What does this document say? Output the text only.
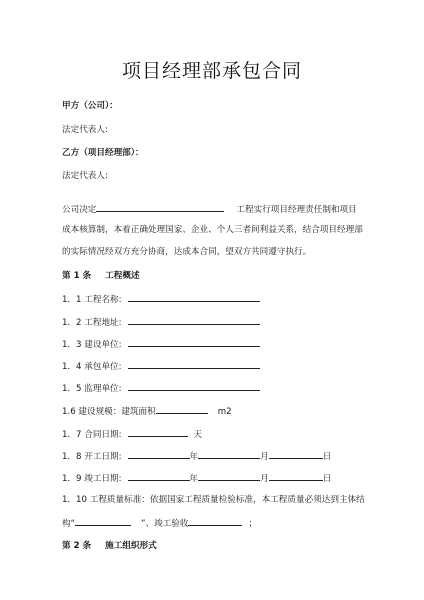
项目经理部承包合同
甲方（公司）：
法定代表人:
乙方（项目经理部）：
法定代表人:
公司决定	工程实行项目经理责任制和项目
成本核算制，本着正确处理国家、企业、个人三者间利益关系，结合项目经理部
的实际情况经双方充分协商，达成本合同，望双方共同遵守执行。
第 1 条 工程概述
1．1 工程名称:
1．2 工程地址:
1．3 建设单位:
1．4 承包单位:
1．5 监理单位:
1.6 建设规模：建筑面积	m2
1．7 合同日期:	天
1．8 开工日期:	年	月	日
1．9 竣工日期:	年	月	日
1．10 工程质量标准：依据国家工程质量检验标准，本工程质量必须达到主体结
构“	”、竣工验收	；
第 2 条 施工组织形式
